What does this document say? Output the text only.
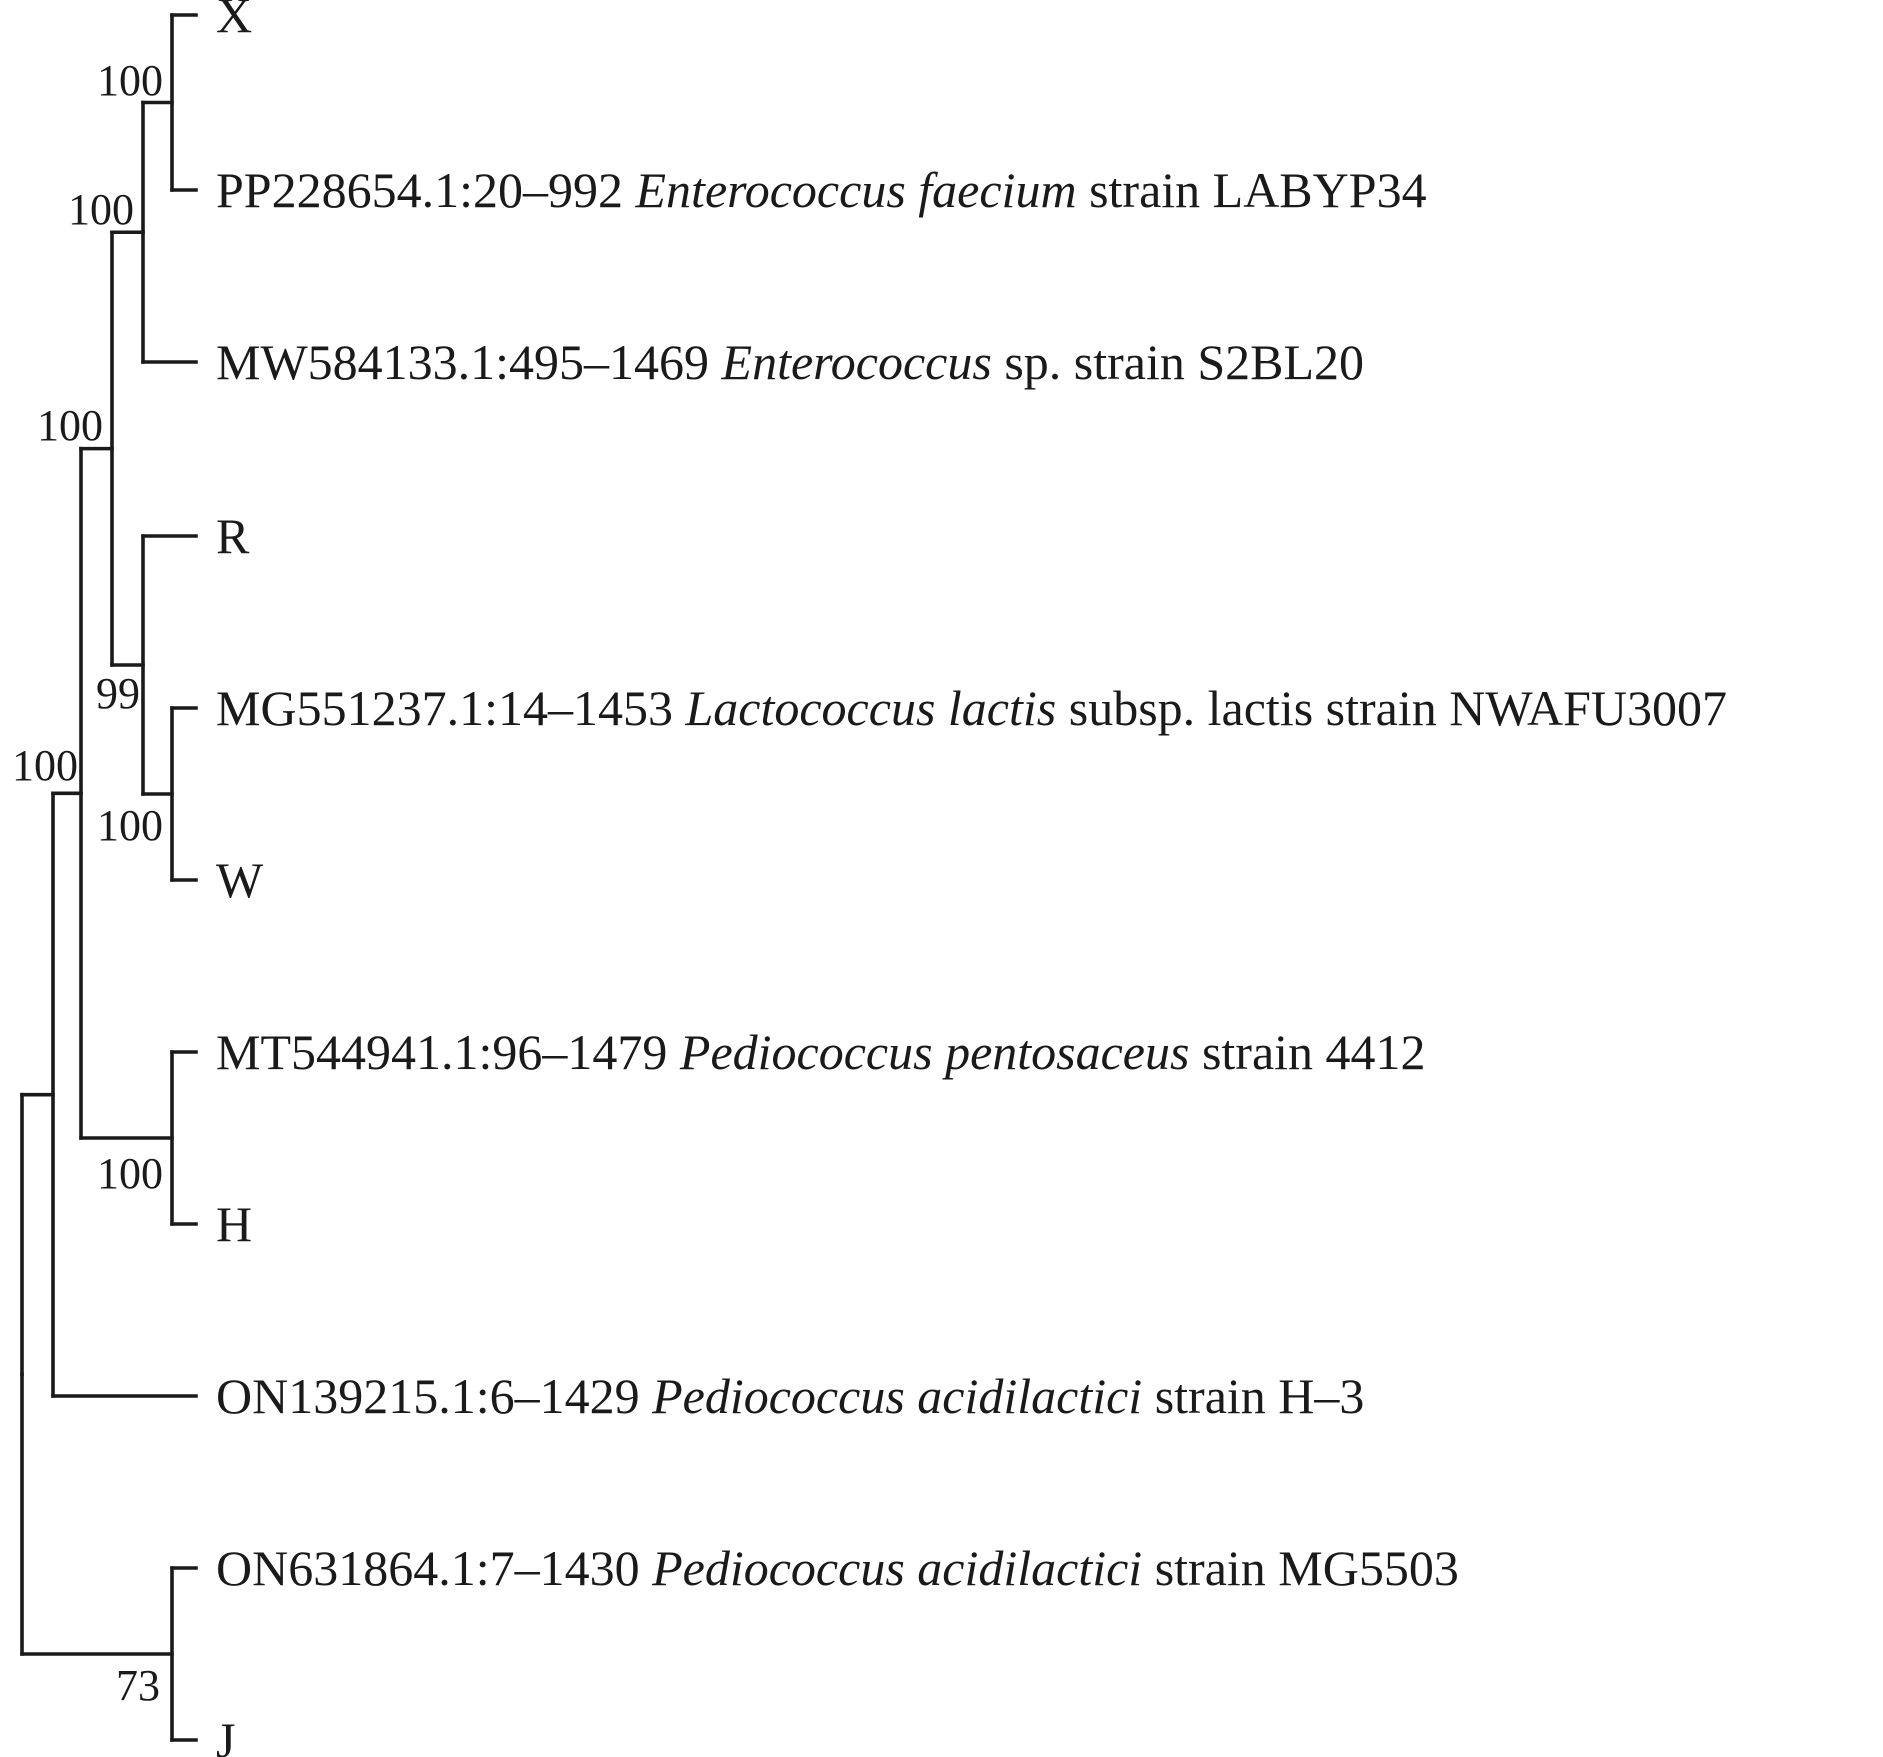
100
100
99
100
100
100
100
73
X
PP228654.1:20–992 Enterococcus faecium strain LABYP34
MW584133.1:495–1469 Enterococcus sp. strain S2BL20
R
MG551237.1:14–1453 Lactococcus lactis subsp. lactis strain NWAFU3007
W
MT544941.1:96–1479 Pediococcus pentosaceus strain 4412
H
ON139215.1:6–1429 Pediococcus acidilactici strain H–3
ON631864.1:7–1430 Pediococcus acidilactici strain MG5503
J
